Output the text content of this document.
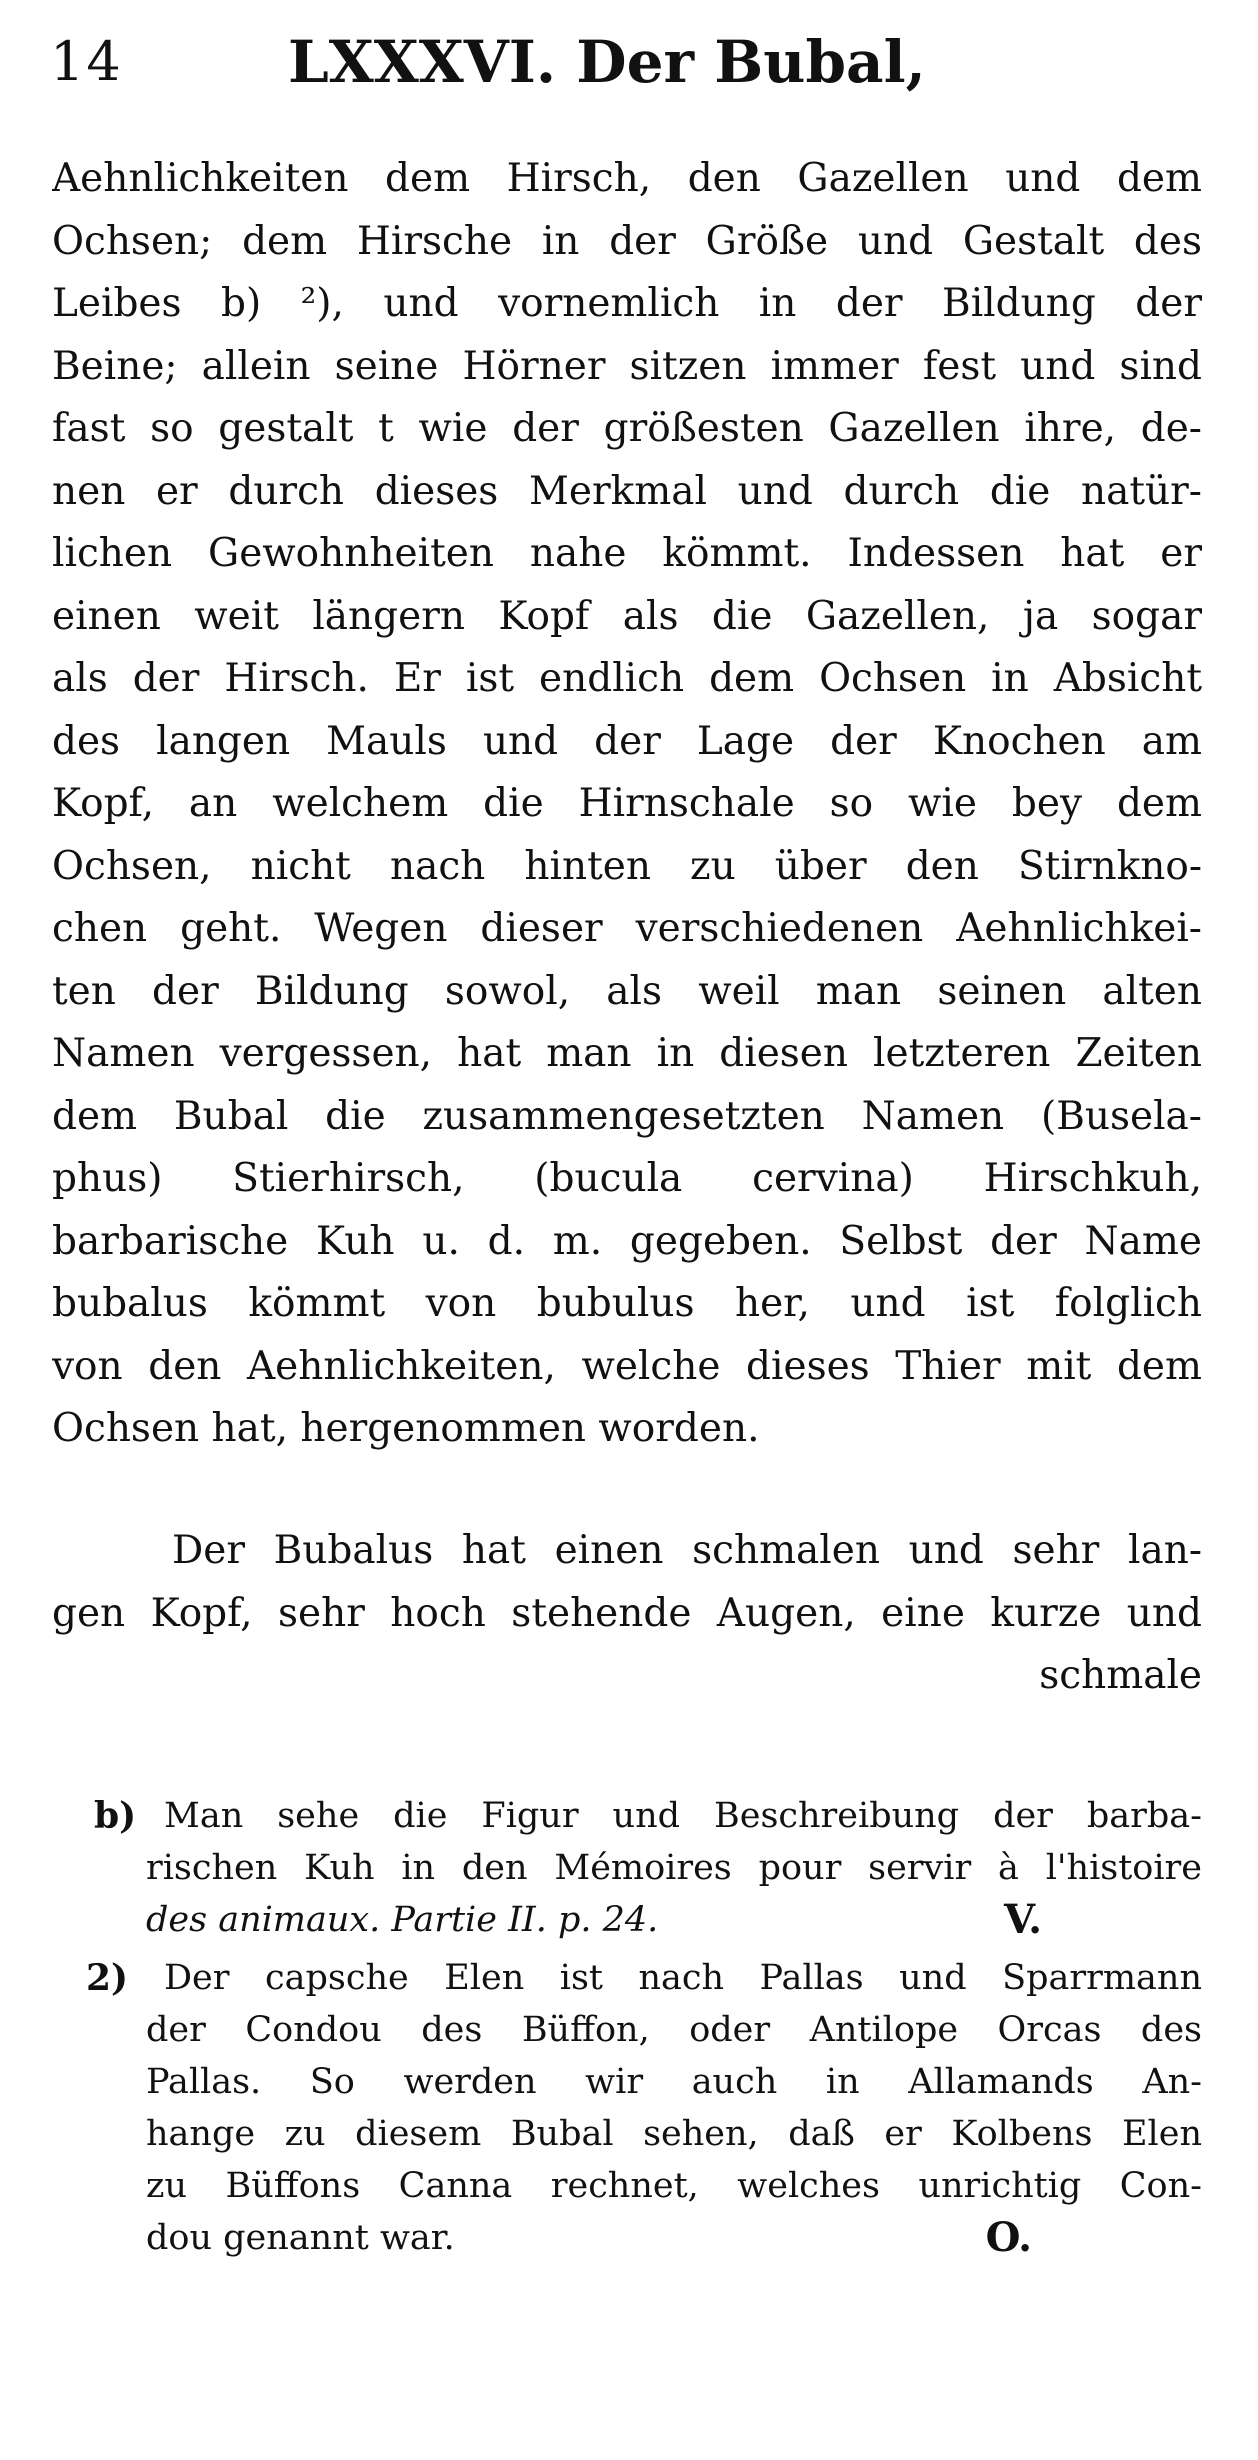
14	LXXXVI. Der Bubal,
Aehnlichkeiten dem Hirsch, den Gazellen und dem
Ochsen; dem Hirsche in der Größe und Gestalt des
Leibes b) ²), und vornemlich in der Bildung der
Beine; allein seine Hörner sitzen immer fest und sind
fast so gestalt t wie der größesten Gazellen ihre, de-
nen er durch dieses Merkmal und durch die natür-
lichen Gewohnheiten nahe kömmt. Indessen hat er
einen weit längern Kopf als die Gazellen, ja sogar
als der Hirsch. Er ist endlich dem Ochsen in Absicht
des langen Mauls und der Lage der Knochen am
Kopf, an welchem die Hirnschale so wie bey dem
Ochsen, nicht nach hinten zu über den Stirnkno-
chen geht. Wegen dieser verschiedenen Aehnlichkei-
ten der Bildung sowol, als weil man seinen alten
Namen vergessen, hat man in diesen letzteren Zeiten
dem Bubal die zusammengesetzten Namen (Busela-
phus) Stierhirsch, (bucula cervina) Hirschkuh,
barbarische Kuh u. d. m. gegeben. Selbst der Name
bubalus kömmt von bubulus her, und ist folglich
von den Aehnlichkeiten, welche dieses Thier mit dem
Ochsen hat, hergenommen worden.
Der Bubalus hat einen schmalen und sehr lan-
gen Kopf, sehr hoch stehende Augen, eine kurze und
schmale
b) Man sehe die Figur und Beschreibung der barba-
rischen Kuh in den Mémoires pour servir à l'histoire
des animaux. Partie II. p. 24.	V.
2)	Der capsche Elen ist nach Pallas und Sparrmann
der Condou des Büffon, oder Antilope Orcas des
Pallas. So werden wir auch in Allamands An-
hange zu diesem Bubal sehen, daß er Kolbens Elen
zu Büffons Canna rechnet, welches unrichtig Con-
dou genannt war.	O.
